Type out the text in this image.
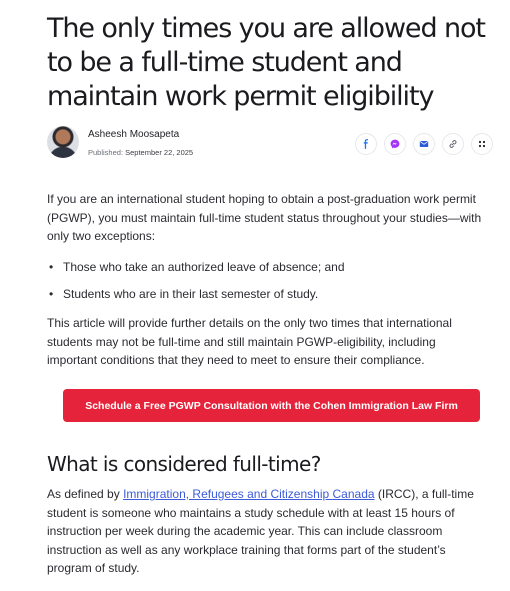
The only times you are allowed not to be a full-time student and maintain work permit eligibility
Asheesh Moosapeta
Published: September 22, 2025

If you are an international student hoping to obtain a post-graduation work permit (PGWP), you must maintain full-time student status throughout your studies—with only two exceptions:

• Those who take an authorized leave of absence; and
• Students who are in their last semester of study.

This article will provide further details on the only two times that international students may not be full-time and still maintain PGWP-eligibility, including important conditions that they need to meet to ensure their compliance.

Schedule a Free PGWP Consultation with the Cohen Immigration Law Firm
What is considered full-time?

As defined by Immigration, Refugees and Citizenship Canada (IRCC), a full-time student is someone who maintains a study schedule with at least 15 hours of instruction per week during the academic year. This can include classroom instruction as well as any workplace training that forms part of the student’s program of study.
